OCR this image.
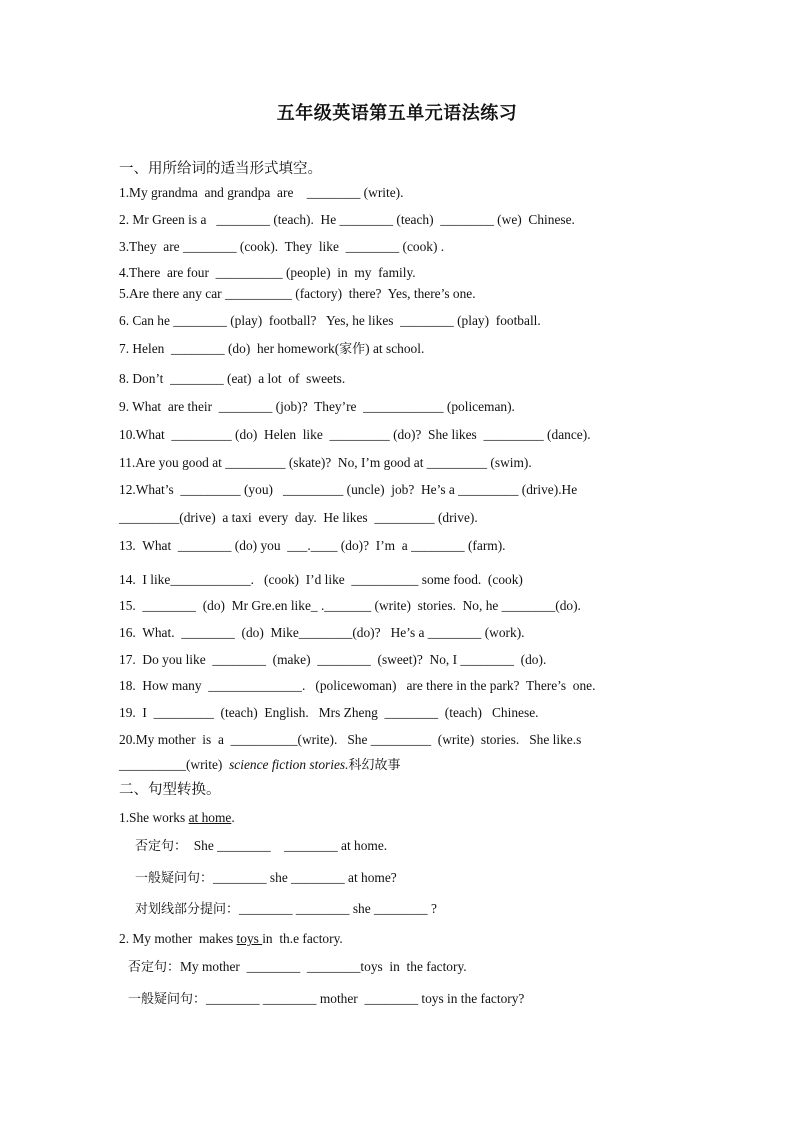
五年级英语第五单元语法练习
一、用所给词的适当形式填空。
1.My grandma  and grandpa  are    ________ (write).
2. Mr Green is a   ________ (teach).  He ________ (teach)  ________ (we)  Chinese.
3.They  are ________ (cook).  They  like  ________ (cook) .
4.There  are four  __________ (people)  in  my  family.
5.Are there any car __________ (factory)  there?  Yes, there’s one.
6. Can he ________ (play)  football?   Yes, he likes  ________ (play)  football.
7. Helen  ________ (do)  her homework(家作) at school.
8. Don’t  ________ (eat)  a lot  of  sweets.
9. What  are their  ________ (job)?  They’re  ____________ (policeman).
10.What  _________ (do)  Helen  like  _________ (do)?  She likes  _________ (dance).
11.Are you good at _________ (skate)?  No, I’m good at _________ (swim).
12.What’s  _________ (you)   _________ (uncle)  job?  He’s a _________ (drive).He
_________(drive)  a taxi  every  day.  He likes  _________ (drive).
13.  What  ________ (do) you  ___.____ (do)?  I’m  a ________ (farm).
14.  I like____________.   (cook)  I’d like  __________ some food.  (cook)
15.  ________  (do)  Mr Gre.en like_ ._______ (write)  stories.  No, he ________(do).
16.  What.  ________  (do)  Mike________(do)?   He’s a ________ (work).
17.  Do you like  ________  (make)  ________  (sweet)?  No, I ________  (do).
18.  How many  ______________.   (policewoman)   are there in the park?  There’s  one.
19.  I  _________  (teach)  English.   Mrs Zheng  ________  (teach)   Chinese.
20.My mother  is  a  __________(write).   She _________  (write)  stories.   She like.s
__________(write)  science fiction stories.科幻故事
二、句型转换。
1.She works at home.
否定句：  She ________    ________ at home.
一般疑问句：________ she ________ at home?
对划线部分提问：________ ________ she ________ ?
2. My mother  makes toys in  th.e factory.
否定句：My mother  ________  ________toys  in  the factory.
一般疑问句：________ ________ mother  ________ toys in the factory?
